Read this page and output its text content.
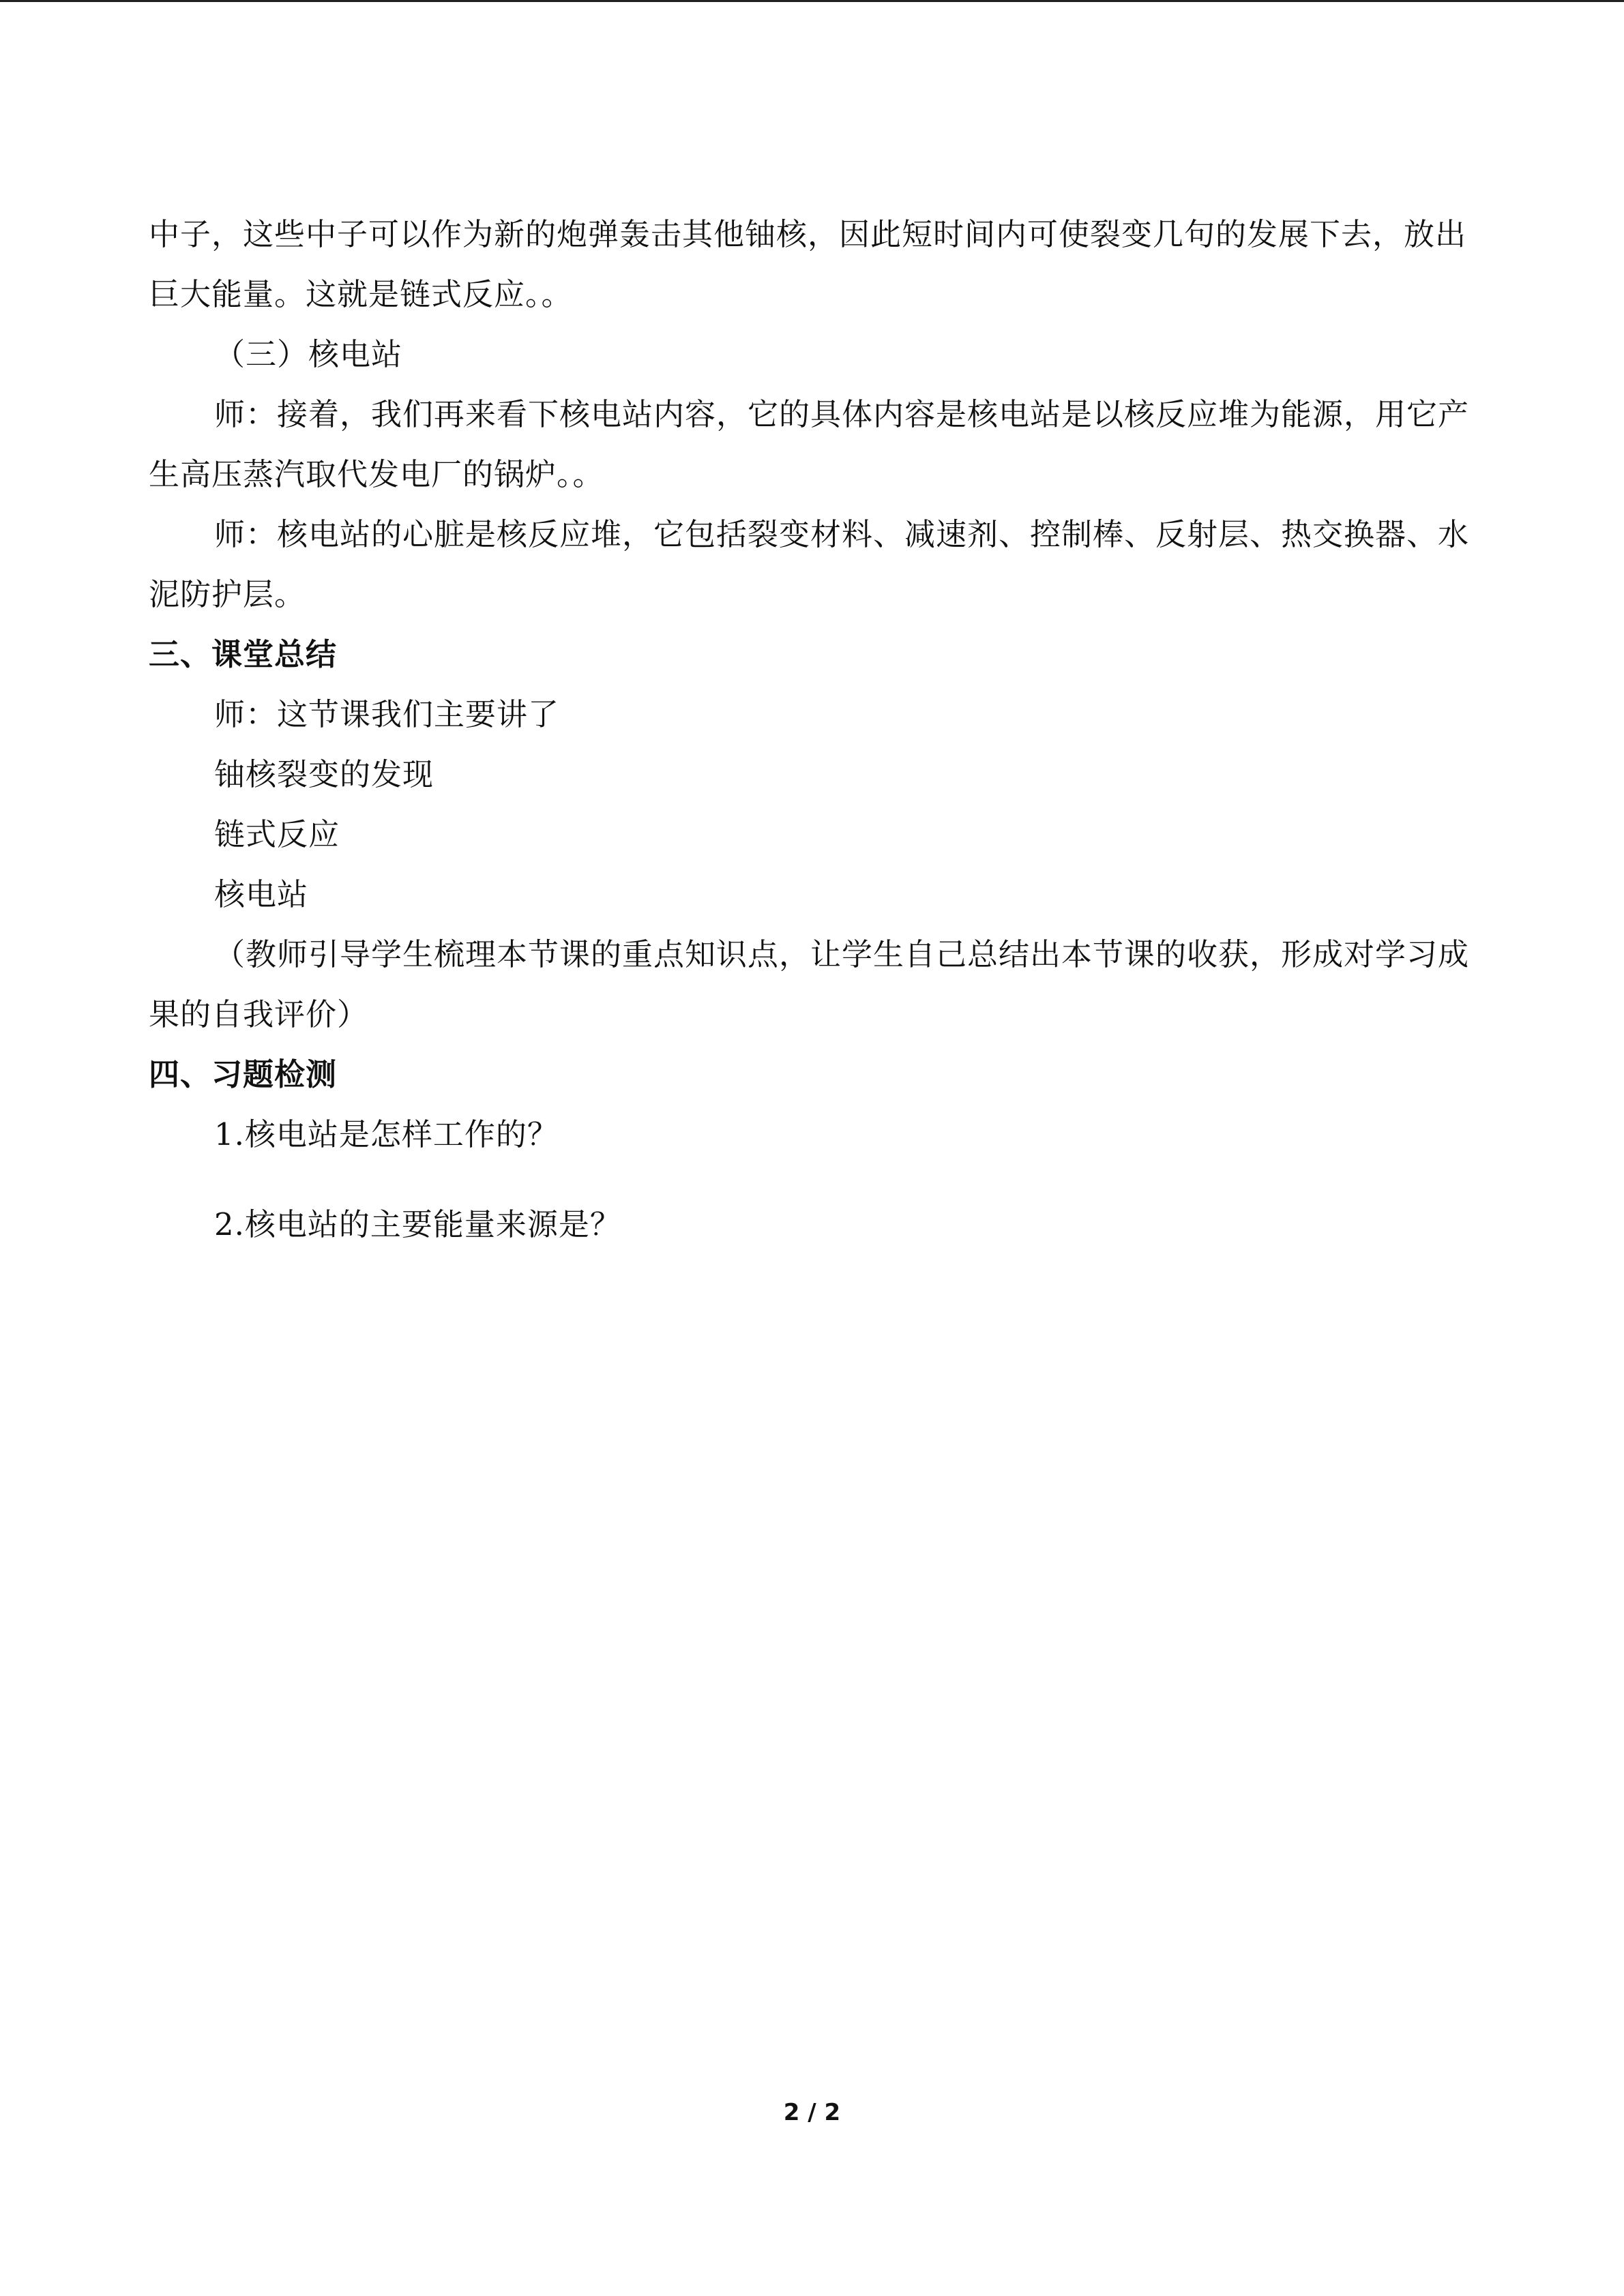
中子，这些中子可以作为新的炮弹轰击其他铀核，因此短时间内可使裂变几句的发展下去，放出巨大能量。这就是链式反应。。

（三）核电站

师：接着，我们再来看下核电站内容，它的具体内容是核电站是以核反应堆为能源，用它产生高压蒸汽取代发电厂的锅炉。。

师：核电站的心脏是核反应堆，它包括裂变材料、减速剂、控制棒、反射层、热交换器、水泥防护层。

三、课堂总结

师：这节课我们主要讲了

铀核裂变的发现

链式反应

核电站

（教师引导学生梳理本节课的重点知识点，让学生自己总结出本节课的收获，形成对学习成果的自我评价）

四、习题检测

1.核电站是怎样工作的？

2.核电站的主要能量来源是？

2 / 2
